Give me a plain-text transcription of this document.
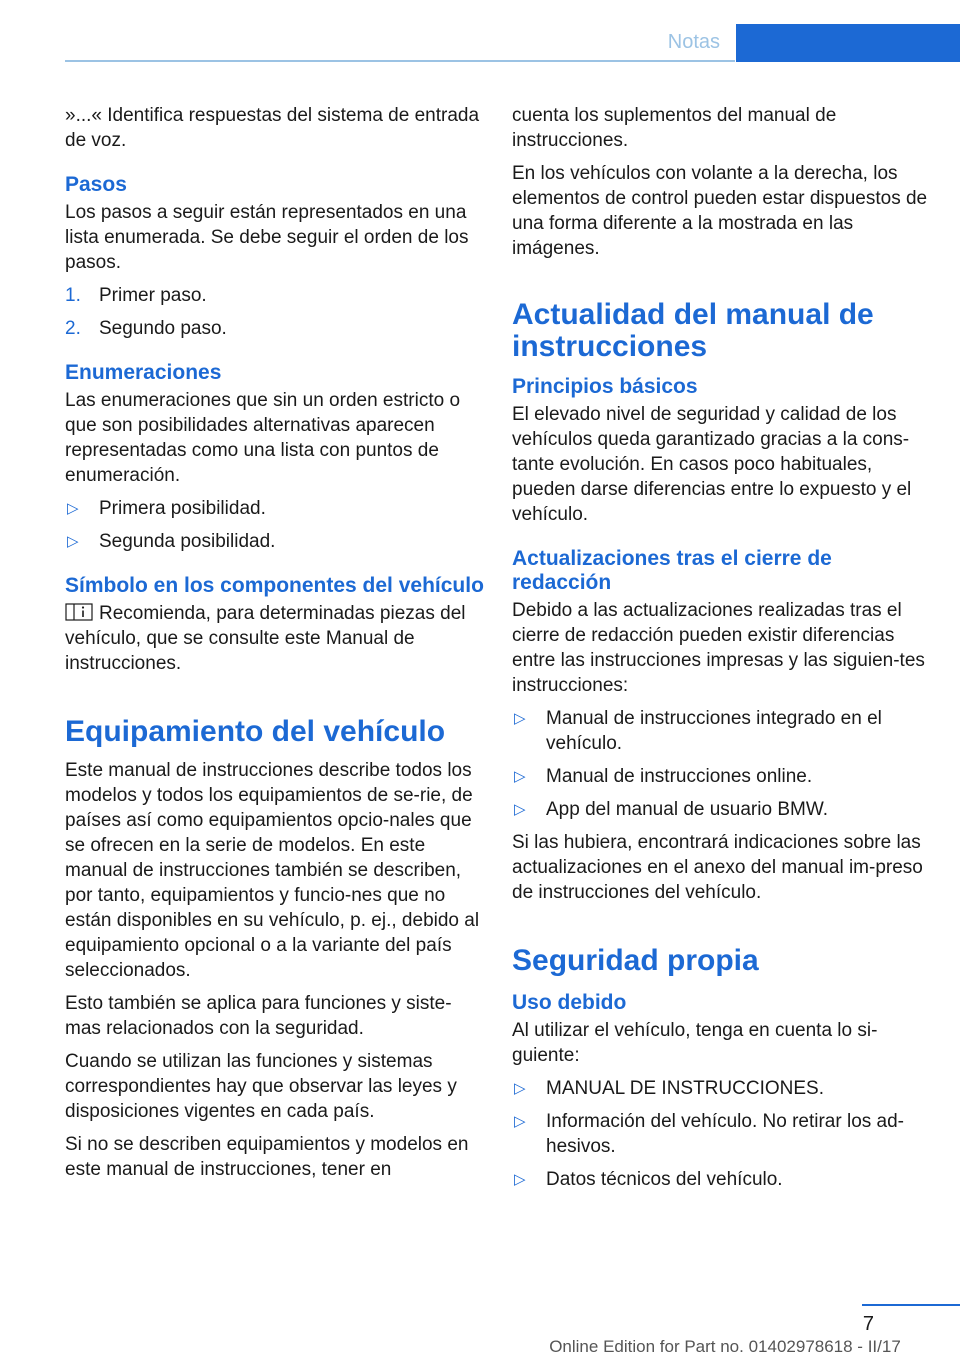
Notas

»...« Identifica respuestas del sistema de entrada de voz.

Pasos

Los pasos a seguir están representados en una lista enumerada. Se debe seguir el orden de los pasos.

1. Primer paso.
2. Segundo paso.
Enumeraciones

Las enumeraciones que sin un orden estricto o que son posibilidades alternativas aparecen representadas como una lista con puntos de enumeración.

▷ Primera posibilidad.
▷ Segunda posibilidad.
Símbolo en los componentes del vehículo

Recomienda, para determinadas piezas del vehículo, que se consulte este Manual de instrucciones.

Equipamiento del vehículo

Este manual de instrucciones describe todos los modelos y todos los equipamientos de se-rie, de países así como equipamientos opcio-nales que se ofrecen en la serie de modelos. En este manual de instrucciones también se describen, por tanto, equipamientos y funcio-nes que no están disponibles en su vehículo, p. ej., debido al equipamiento opcional o a la variante del país seleccionados.

Esto también se aplica para funciones y siste-mas relacionados con la seguridad.

Cuando se utilizan las funciones y sistemas correspondientes hay que observar las leyes y disposiciones vigentes en cada país.

Si no se describen equipamientos y modelos en este manual de instrucciones, tener en

cuenta los suplementos del manual de instrucciones.

En los vehículos con volante a la derecha, los elementos de control pueden estar dispuestos de una forma diferente a la mostrada en las imágenes.

Actualidad del manual de instrucciones
Principios básicos

El elevado nivel de seguridad y calidad de los vehículos queda garantizado gracias a la cons-tante evolución. En casos poco habituales, pueden darse diferencias entre lo expuesto y el vehículo.

Actualizaciones tras el cierre de redacción

Debido a las actualizaciones realizadas tras el cierre de redacción pueden existir diferencias entre las instrucciones impresas y las siguien-tes instrucciones:

▷ Manual de instrucciones integrado en el vehículo.
▷ Manual de instrucciones online.
▷ App del manual de usuario BMW.

Si las hubiera, encontrará indicaciones sobre las actualizaciones en el anexo del manual im-preso de instrucciones del vehículo.

Seguridad propia
Uso debido

Al utilizar el vehículo, tenga en cuenta lo si-guiente:

▷ MANUAL DE INSTRUCCIONES.
▷ Información del vehículo. No retirar los ad-hesivos.
▷ Datos técnicos del vehículo.
7
Online Edition for Part no. 01402978618 - II/17
